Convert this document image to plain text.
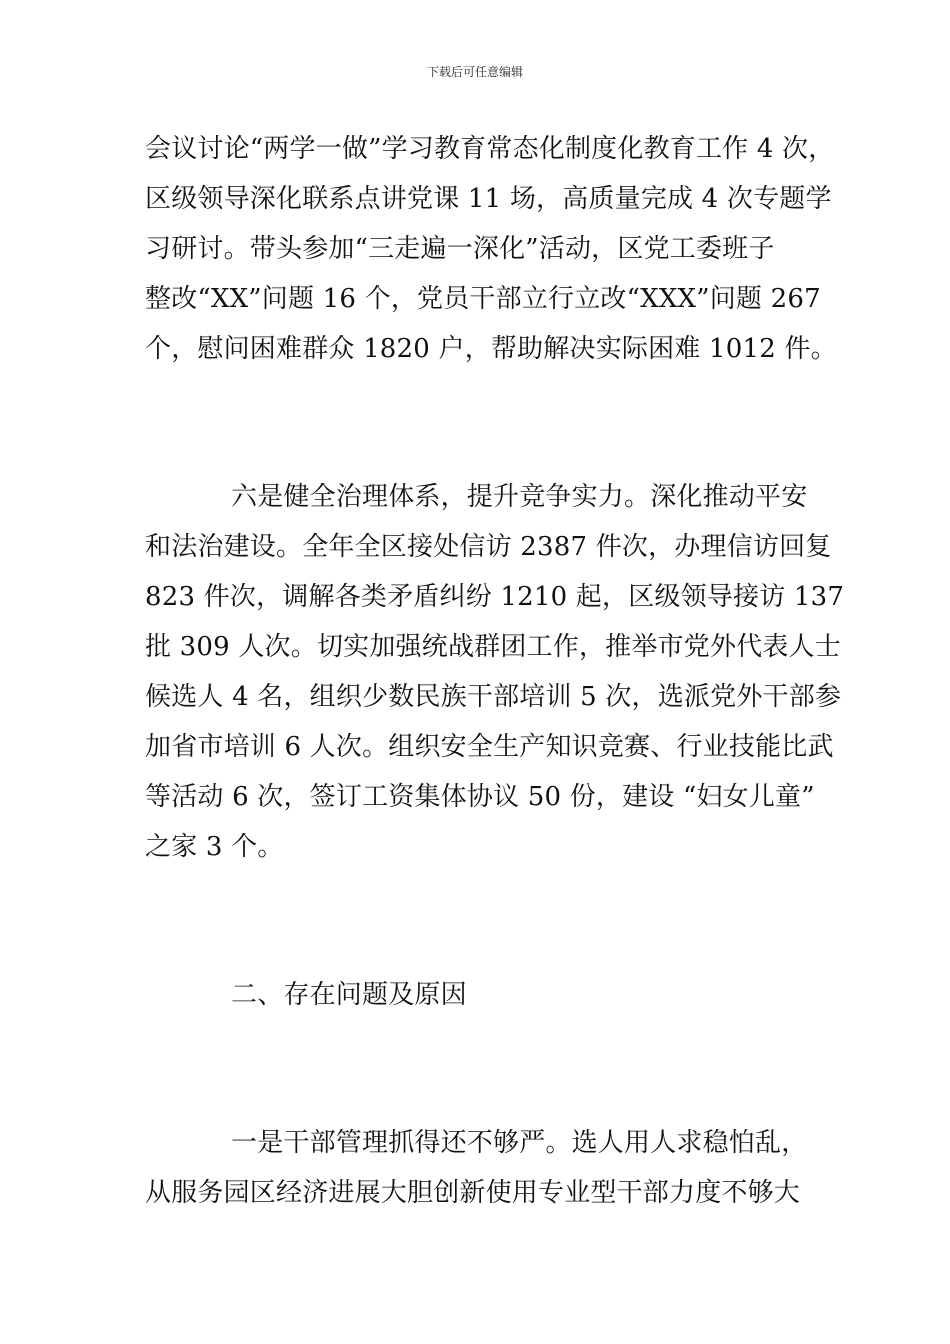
下载后可任意编辑
会议讨论“两学一做”学习教育常态化制度化教育工作 4 次，
区级领导深化联系点讲党课 11 场，高质量完成 4 次专题学
习研讨。带头参加“三走遍一深化”活动，区党工委班子
整改“XX”问题 16 个，党员干部立行立改“XXX”问题 267
个，慰问困难群众 1820 户，帮助解决实际困难 1012 件。
六是健全治理体系，提升竞争实力。深化推动平安
和法治建设。全年全区接处信访 2387 件次，办理信访回复
823 件次，调解各类矛盾纠纷 1210 起，区级领导接访 137
批 309 人次。切实加强统战群团工作，推举市党外代表人士
候选人 4 名，组织少数民族干部培训 5 次，选派党外干部参
加省市培训 6 人次。组织安全生产知识竞赛、行业技能比武
等活动 6 次，签订工资集体协议 50 份，建设 “妇女儿童”
之家 3 个。
二、存在问题及原因
一是干部管理抓得还不够严。选人用人求稳怕乱，
从服务园区经济进展大胆创新使用专业型干部力度不够大
